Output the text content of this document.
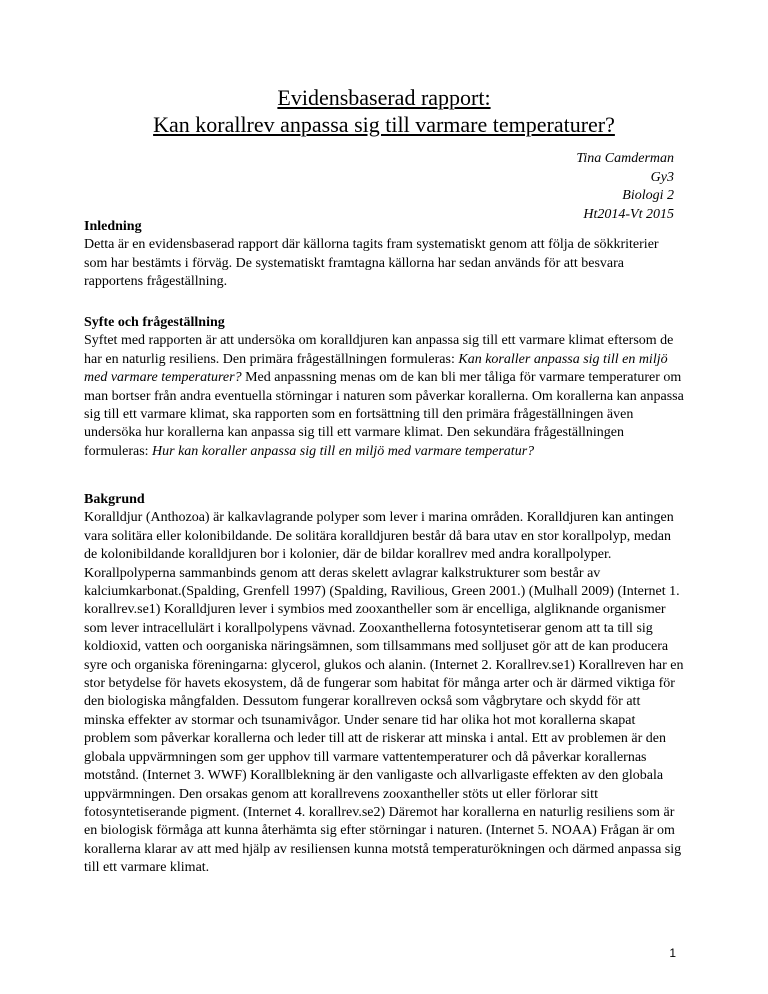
Evidensbaserad rapport:
Kan korallrev anpassa sig till varmare temperaturer?
Tina Camderman
Gy3
Biologi 2
Ht2014-Vt 2015
Inledning

Detta är en evidensbaserad rapport där källorna tagits fram systematiskt genom att följa de sökkriterier som har bestämts i förväg. De systematiskt framtagna källorna har sedan används för att besvara rapportens frågeställning.

Syfte och frågeställning

Syftet med rapporten är att undersöka om koralldjuren kan anpassa sig till ett varmare klimat eftersom de har en naturlig resiliens. Den primära frågeställningen formuleras: Kan koraller anpassa sig till en miljö med varmare temperaturer? Med anpassning menas om de kan bli mer tåliga för varmare temperaturer om man bortser från andra eventuella störningar i naturen som påverkar korallerna. Om korallerna kan anpassa sig till ett varmare klimat, ska rapporten som en fortsättning till den primära frågeställningen även undersöka hur korallerna kan anpassa sig till ett varmare klimat. Den sekundära frågeställningen formuleras: Hur kan koraller anpassa sig till en miljö med varmare temperatur?

Bakgrund

Koralldjur (Anthozoa) är kalkavlagrande polyper som lever i marina områden. Koralldjuren kan antingen vara solitära eller kolonibildande. De solitära koralldjuren består då bara utav en stor korallpolyp, medan de kolonibildande koralldjuren bor i kolonier, där de bildar korallrev med andra korallpolyper. Korallpolyperna sammanbinds genom att deras skelett avlagrar kalkstrukturer som består av kalciumkarbonat.(Spalding, Grenfell 1997) (Spalding, Ravilious, Green 2001.) (Mulhall 2009) (Internet 1. korallrev.se1) Koralldjuren lever i symbios med zooxantheller som är encelliga, algliknande organismer som lever intracellulärt i korallpolypens vävnad. Zooxanthellerna fotosyntetiserar genom att ta till sig koldioxid, vatten och oorganiska näringsämnen, som tillsammans med solljuset gör att de kan producera syre och organiska föreningarna: glycerol, glukos och alanin. (Internet 2. Korallrev.se1) Korallreven har en stor betydelse för havets ekosystem, då de fungerar som habitat för många arter och är därmed viktiga för den biologiska mångfalden. Dessutom fungerar korallreven också som vågbrytare och skydd för att minska effekter av stormar och tsunamivågor. Under senare tid har olika hot mot korallerna skapat problem som påverkar korallerna och leder till att de riskerar att minska i antal. Ett av problemen är den globala uppvärmningen som ger upphov till varmare vattentemperaturer och då påverkar korallernas motstånd. (Internet 3. WWF) Korallblekning är den vanligaste och allvarligaste effekten av den globala uppvärmningen. Den orsakas genom att korallrevens zooxantheller stöts ut eller förlorar sitt fotosyntetiserande pigment. (Internet 4. korallrev.se2) Däremot har korallerna en naturlig resiliens som är en biologisk förmåga att kunna återhämta sig efter störningar i naturen. (Internet 5. NOAA) Frågan är om korallerna klarar av att med hjälp av resiliensen kunna motstå temperaturökningen och därmed anpassa sig till ett varmare klimat.

1
